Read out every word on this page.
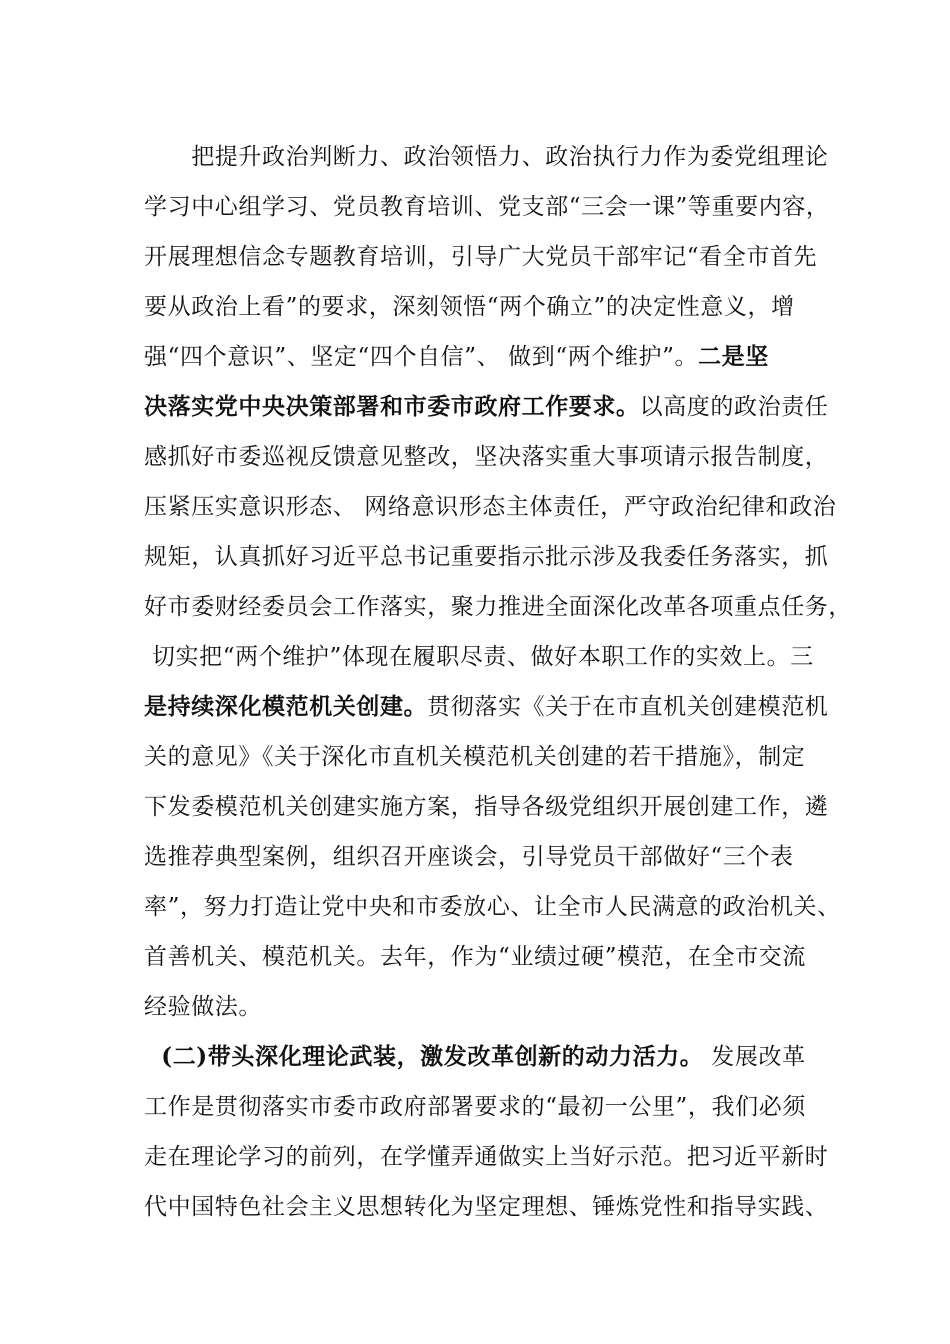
　　把提升政治判断力、政治领悟力、政治执行力作为委党组理论
学习中心组学习、党员教育培训、党支部“三会一课”等重要内容，
开展理想信念专题教育培训，引导广大党员干部牢记“看全市首先
要从政治上看”的要求，深刻领悟“两个确立”的决定性意义，增
强“四个意识”、坚定“四个自信”、 做到“两个维护”。二是坚
决落实党中央决策部署和市委市政府工作要求。以高度的政治责任
感抓好市委巡视反馈意见整改，坚决落实重大事项请示报告制度，
压紧压实意识形态、 网络意识形态主体责任，严守政治纪律和政治
规矩，认真抓好习近平总书记重要指示批示涉及我委任务落实，抓
好市委财经委员会工作落实，聚力推进全面深化改革各项重点任务，
切实把“两个维护”体现在履职尽责、做好本职工作的实效上。三
是持续深化模范机关创建。贯彻落实《关于在市直机关创建模范机
关的意见》《关于深化市直机关模范机关创建的若干措施》，制定
下发委模范机关创建实施方案，指导各级党组织开展创建工作，遴
选推荐典型案例，组织召开座谈会，引导党员干部做好“三个表
率”，努力打造让党中央和市委放心、让全市人民满意的政治机关、
首善机关、模范机关。去年，作为“业绩过硬”模范，在全市交流
经验做法。
(二)带头深化理论武装，激发改革创新的动力活力。 发展改革
工作是贯彻落实市委市政府部署要求的“最初一公里”，我们必须
走在理论学习的前列，在学懂弄通做实上当好示范。把习近平新时
代中国特色社会主义思想转化为坚定理想、锤炼党性和指导实践、
